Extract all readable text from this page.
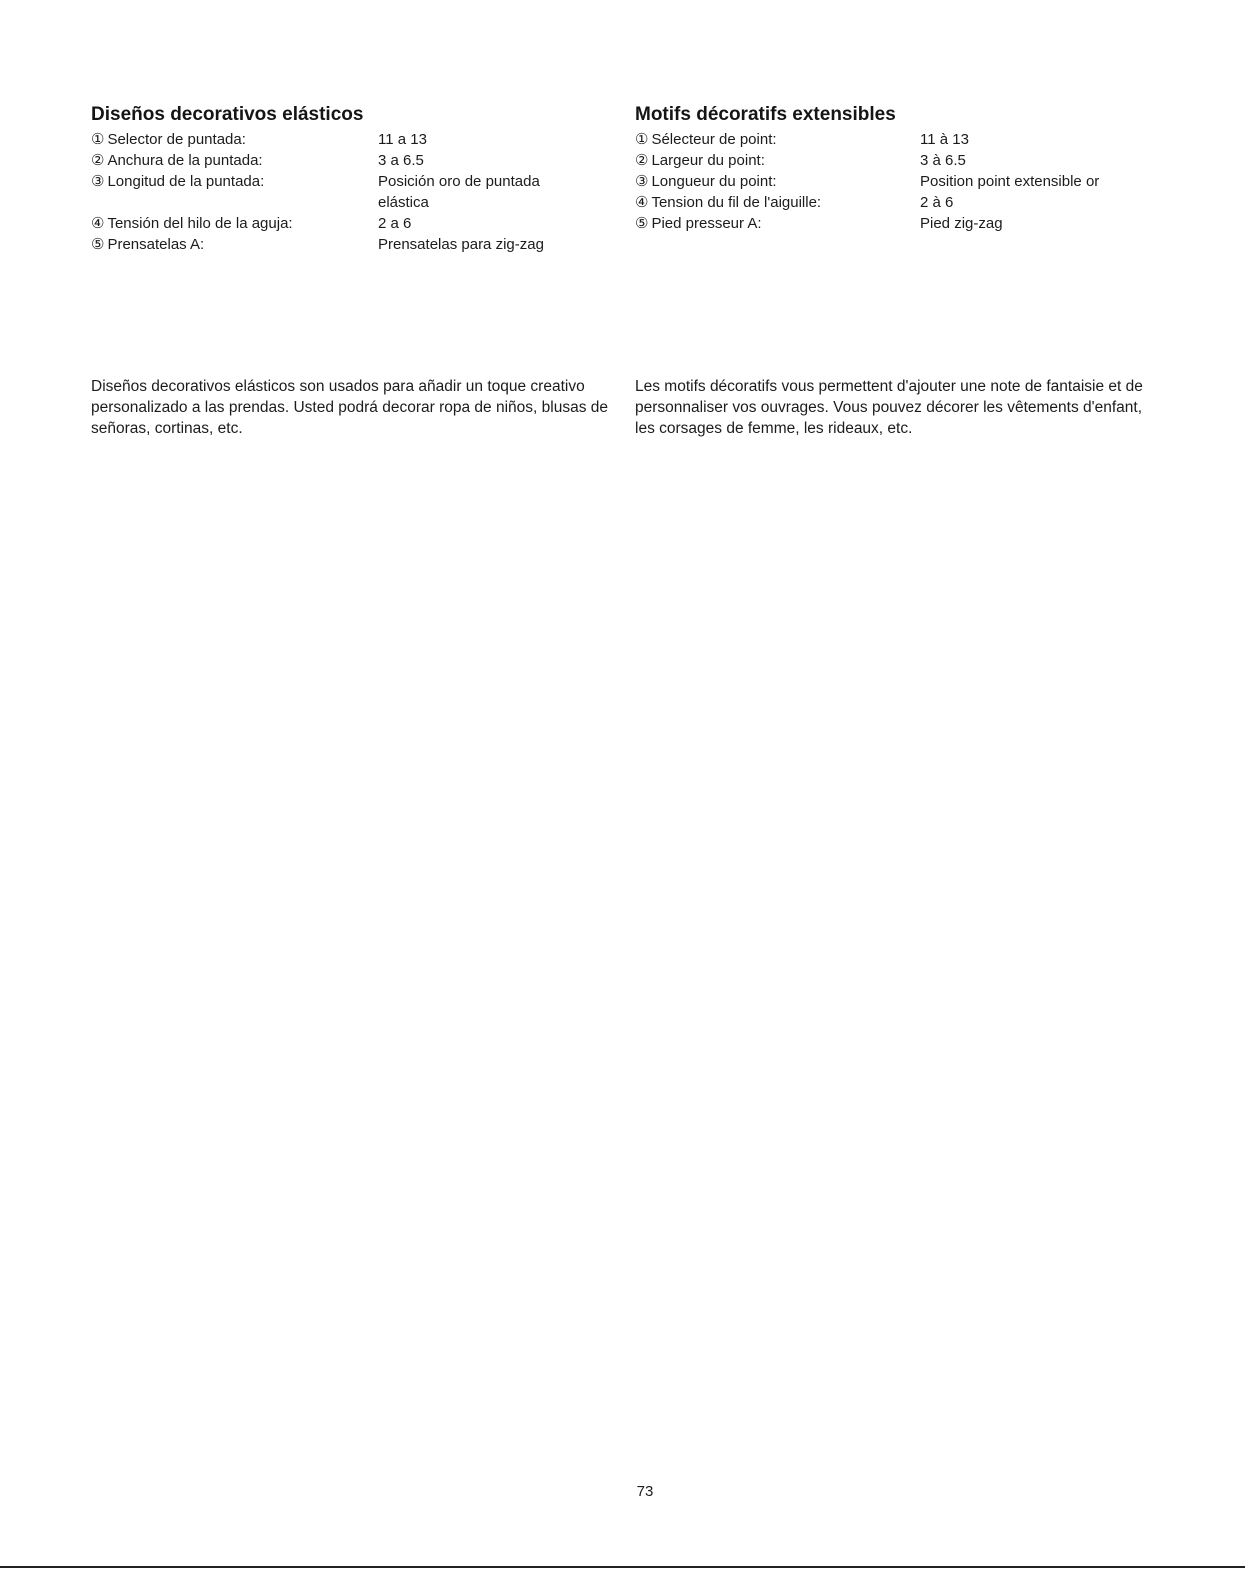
Diseños decorativos elásticos
① Selector de puntada:	11 a 13
② Anchura de la puntada:	3 a 6.5
③ Longitud de la puntada:	Posición oro de puntada elástica
④ Tensión del hilo de la aguja:	2 a 6
⑤ Prensatelas A:	Prensatelas para zig-zag
Motifs décoratifs extensibles
① Sélecteur de point:	11 à 13
② Largeur du point:	3 à 6.5
③ Longueur du point:	Position point extensible or
④ Tension du fil de l'aiguille:	2 à 6
⑤ Pied presseur A:	Pied zig-zag

Diseños decorativos elásticos son usados para añadir un toque creativo personalizado a las prendas. Usted podrá decorar ropa de niños, blusas de señoras, cortinas, etc.

Les motifs décoratifs vous permettent d'ajouter une note de fantaisie et de personnaliser vos ouvrages. Vous pouvez décorer les vêtements d'enfant, les corsages de femme, les rideaux, etc.

73
